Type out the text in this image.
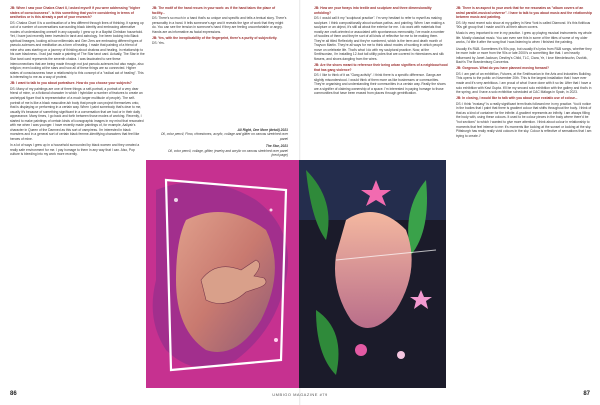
JB: When I saw your Chakra Chart II, I asked myself if you were addressing "higher states of consciousness". Is this something that you're considering in terms of aesthetics or is this already a part of your research?

DS: Chakra Chart II is a continuation of a few different through lines of thinking. It sprang up out of a number of conversations surrounding black identity and embracing alternative modes of understanding oneself in any capacity. I grew up in a Baptist Christian household. Yet, I have just recently been invested in tarot and astrology. I've been looking into Black spiritual lineages, looking at how millennials and Gen Zers are embracing different types of pseudo-sciences and meditation as a form of healing. I made that painting of a friend of mine who was starting on a journey of thinking about chakras and healing, in relationship to his own blackness. I had just made a painting of The Star tarot card. Actually, The Star in the Star tarot card represents the seventh chakra. I was fascinated to see these interconnections that are being made through not just pseudo-sciences but also magic, also religion; even looking at the stars and how all of these things are so connected. Higher states of consciousness have a relationship to this concept of a "radical act of healing". This is interesting to me as a way of protest.

JB: I want to talk to you about portraiture. How do you choose your subjects?

DS: Many of my paintings are one of three things: a self-portrait, a portrait of a very dear friend of mine, or a fictional character in which I hybridize a number of features to create an archetypal figure that is representative of a much larger multitude of people). The self-portrait of me is like a black masculine-ish body that people can project themselves onto, that is displaying or performing in a certain way. When I paint somebody that's dear to me, usually it's because of something significant in a conversation that we had or in their daily appearance. Many times, I go back and forth between those modes of working. Recently, I started to make paintings of certain kinds of iconographic images in my mind that resonated with me when I was younger. I have recently made paintings of, for example, Aaliyah's character in Queen of the Damned as this sort of vampiress. I'm interested in black monsters and in a general sort of certain black femme-identifying characters that feel like heroes of mine.

In a lot of ways I grew up in a household surrounded by black women and they created a really safe environment for me. I pay homage to them in any way that I can. Also, Pop culture is bleeding into my work more recently.

JB: The motif of the hand recurs in your work: as if the hand takes the place of facility...

DS: There's so much in a hand that's so unique and specific and tells a textual story. There's personality in a hand. It tells someone's age and it reveals the type of work that they might do. You can see the tension in someone's hand if they are feeling uncomfortable or angry. Hands are as informative as facial expressions.

JB: Yes, with the inexplicability of the fingerprint, there's a purity of subjectivity.

DS: Yes.

All Right, One More (detail) 2021
Oil, color pencil, Fimo, rhinestones, acrylic, collage and glitter on canvas stretched over panel

The Star, 2021
Oil, color pencil, collage, glitter, jewelry and acrylic on canvas stretched over panel (next page)

JB: How are your forays into textile and sculpture and three dimensionality unfolding?

DS: I would call it my "sculptural practice". I'm very hesitant to refer to myself as making sculpture. I think compositionally about surface-patina- and painting. When I am making a sculpture or an object, it's still all about the exterior for me. I do work with materials that mostly are craft-oriented or associated with spontaneous memorably. I've made a number of hoodies of them and they're sort of all kinds of reflective for me to be making them. They're all titled Reflexivity and they're numbered, which is the term and death month of Trayvon Martin. They're all ways for me to think about modes of working in which people move on celebrate life. That's what I do with my sculptural practice. Now, at the Smithsonian, I'm installing 12-foot tall utility poles that are covered in rhinestones and silk flowers, and shoes dangling from the wires.

JB: Are the shoes meant to reference their being urban signifiers of a neighbourhood that has gang violence?

DS: I like to think of it as "Gang activity". I think there is a specific difference. Gangs are slightly misunderstood. I would think of them more as like businesses or communities. They're organising and understanding their communities in a certain way. Really the shoes are a signifier of claiming ownership of a space. I'm interested in paying homage to those communities that have been erased from places through gentrification.

JB: There is an aspect to your work that for me resonates as "album covers of an astral parallel-musical universe". I have to talk to you about music and the relationship between music and painting.

DS: My most recent solo show at my gallery in New York is called Diamond. It's this fictitious '90s girl group that I made and it's all their album covers.

Music is very important to me in my practice. I grew up playing musical instruments my whole life. Mostly classical music. You can even see this in some of the titles of some of my older works, I'd title it after the song that I was listening to when I finished the painting.

Usually it's R&B. Sometimes it's 90s pop, but usually it's lyrics from R&B songs, whether they be more indie or more from the 90s or late 2000's or something like that. I am heavily influenced by Janet Jackson, Destiny's Child, TLC, Ciara, Ye, I love Mendelssohn, Dvořák, Bach's The Brandenburg Concertos.

JB: Gorgeous. What do you have planned moving forward?

DS: I am part of an exhibition, Futures, at the Smithsonian in the Arts and Industries Building. This opens to the public on November 20th. This is the largest installation that I have ever made and it's very ambitious. I am proud of what I have done with it so far. After that I have a solo exhibition with Kavi Gupta. It'll be my second solo exhibition with the gallery and that's in the spring, and I have a solo exhibition scheduled at CAC Málaga in Spain, in 2023.

JB: In closing, I would like to talk with you about your ecstatic use of colour...

DS: I think "ecstasy" is a really significant term thats followed me in my practice. You'd notice in the bodies that I paint that there is gradient colour that shifts throughout the body. I think of that as a kind of container for the infinite. A gradient represents an infinity. I am always filling the body with, using these colours. It used to be colour pieces in the body where there'd be "hot sections" to which I wanted to give more attention. I think about colour in relationship to moments that feel intense to me: it's moments like looking at the sunset or looking at the sky. Pittsburgh has really really vivid colours in the sky. Colour is reflective of sensations that I am trying to create //

86	UMBIGO MAGAZINE #79	87
